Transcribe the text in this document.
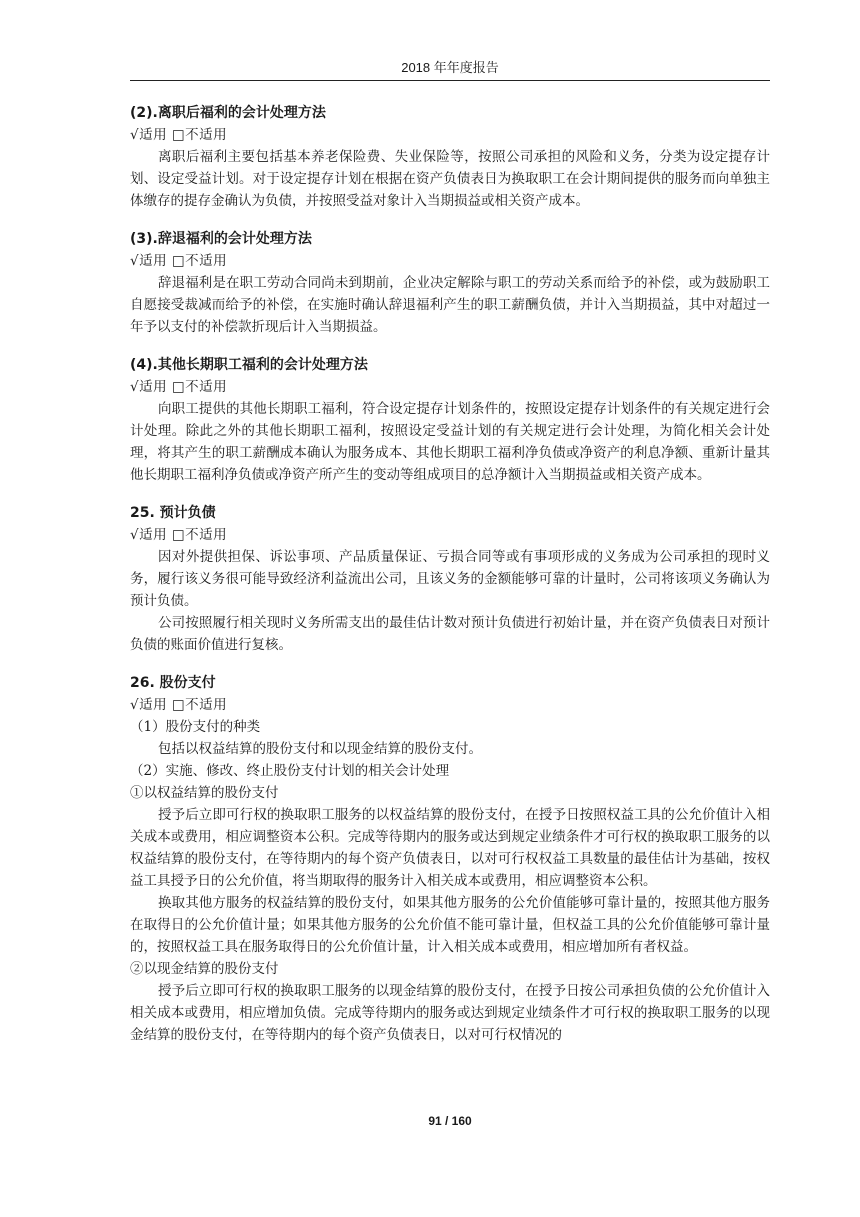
2018 年年度报告

(2).离职后福利的会计处理方法

√适用 □不适用

离职后福利主要包括基本养老保险费、失业保险等，按照公司承担的风险和义务，分类为设定提存计划、设定受益计划。对于设定提存计划在根据在资产负债表日为换取职工在会计期间提供的服务而向单独主体缴存的提存金确认为负债，并按照受益对象计入当期损益或相关资产成本。

(3).辞退福利的会计处理方法

√适用 □不适用

辞退福利是在职工劳动合同尚未到期前，企业决定解除与职工的劳动关系而给予的补偿，或为鼓励职工自愿接受裁减而给予的补偿，在实施时确认辞退福利产生的职工薪酬负债，并计入当期损益，其中对超过一年予以支付的补偿款折现后计入当期损益。

(4).其他长期职工福利的会计处理方法

√适用 □不适用

向职工提供的其他长期职工福利，符合设定提存计划条件的，按照设定提存计划条件的有关规定进行会计处理。除此之外的其他长期职工福利，按照设定受益计划的有关规定进行会计处理，为简化相关会计处理，将其产生的职工薪酬成本确认为服务成本、其他长期职工福利净负债或净资产的利息净额、重新计量其他长期职工福利净负债或净资产所产生的变动等组成项目的总净额计入当期损益或相关资产成本。

25. 预计负债

√适用 □不适用

因对外提供担保、诉讼事项、产品质量保证、亏损合同等或有事项形成的义务成为公司承担的现时义务，履行该义务很可能导致经济利益流出公司，且该义务的金额能够可靠的计量时，公司将该项义务确认为预计负债。

公司按照履行相关现时义务所需支出的最佳估计数对预计负债进行初始计量，并在资产负债表日对预计负债的账面价值进行复核。

26. 股份支付

√适用 □不适用

（1）股份支付的种类

包括以权益结算的股份支付和以现金结算的股份支付。

（2）实施、修改、终止股份支付计划的相关会计处理

①以权益结算的股份支付

授予后立即可行权的换取职工服务的以权益结算的股份支付，在授予日按照权益工具的公允价值计入相关成本或费用，相应调整资本公积。完成等待期内的服务或达到规定业绩条件才可行权的换取职工服务的以权益结算的股份支付，在等待期内的每个资产负债表日，以对可行权权益工具数量的最佳估计为基础，按权益工具授予日的公允价值，将当期取得的服务计入相关成本或费用，相应调整资本公积。

换取其他方服务的权益结算的股份支付，如果其他方服务的公允价值能够可靠计量的，按照其他方服务在取得日的公允价值计量；如果其他方服务的公允价值不能可靠计量，但权益工具的公允价值能够可靠计量的，按照权益工具在服务取得日的公允价值计量，计入相关成本或费用，相应增加所有者权益。

②以现金结算的股份支付

授予后立即可行权的换取职工服务的以现金结算的股份支付，在授予日按公司承担负债的公允价值计入相关成本或费用，相应增加负债。完成等待期内的服务或达到规定业绩条件才可行权的换取职工服务的以现金结算的股份支付，在等待期内的每个资产负债表日，以对可行权情况的

91 / 160
